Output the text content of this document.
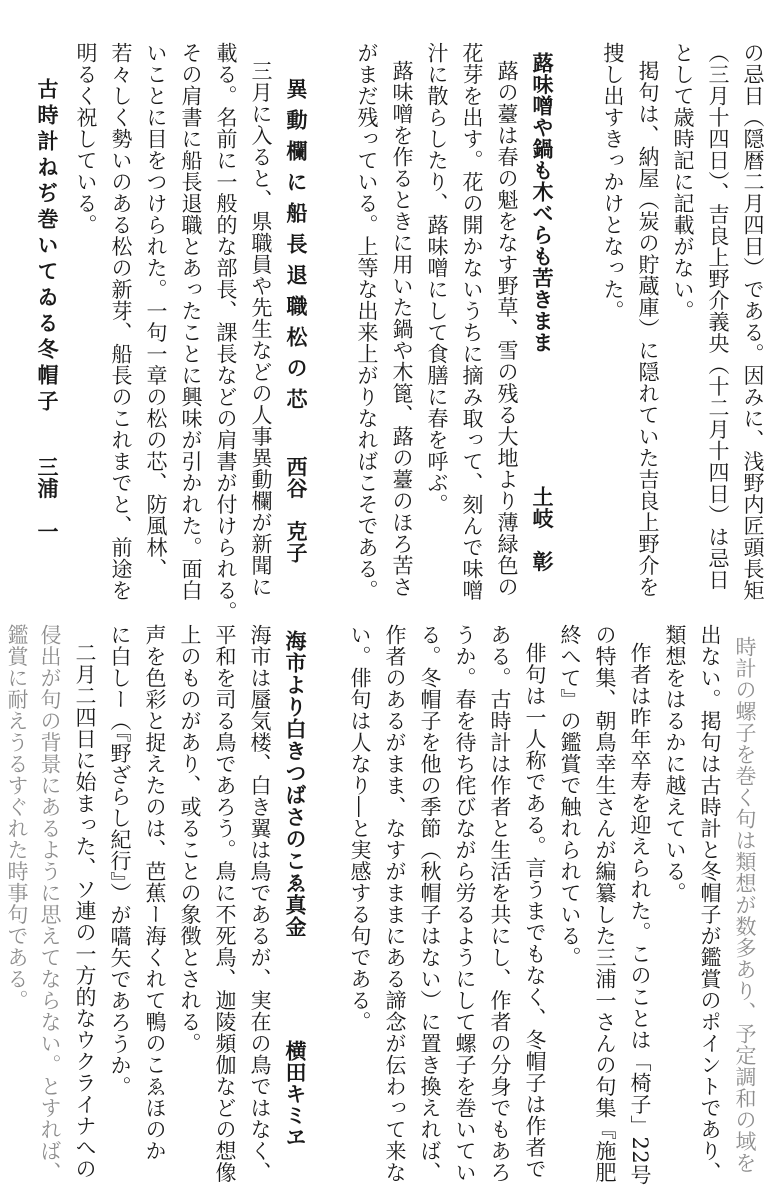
の忌日（隠暦二月四日）である。因みに、浅野内匠頭長矩
（三月十四日）、吉良上野介義央（十二月十四日）は忌日
として歳時記に記載がない。
掲句は、納屋（炭の貯蔵庫）に隠れていた吉良上野介を
捜し出すきっかけとなった。
蕗味噌や鍋も木べらも苦きまま
土岐　彰
蕗の薹は春の魁をなす野草、雪の残る大地より薄緑色の
花芽を出す。花の開かないうちに摘み取って、刻んで味噌
汁に散らしたり、蕗味噌にして食膳に春を呼ぶ。
蕗味噌を作るときに用いた鍋や木篦、蕗の薹のほろ苦さ
がまだ残っている。上等な出来上がりなればこそである。
異動欄に船長退職松の芯
西谷　克子
三月に入ると、県職員や先生などの人事異動欄が新聞に
載る。名前に一般的な部長、課長などの肩書が付けられる。
その肩書に船長退職とあったことに興味が引かれた。面白
いことに目をつけられた。一句一章の松の芯、防風林、
若々しく勢いのある松の新芽、船長のこれまでと、前途を
明るく祝している。
古時計ねぢ巻いてゐる冬帽子
三浦　一
時計の螺子を巻く句は類想が数多あり、予定調和の域を
出ない。掲句は古時計と冬帽子が鑑賞のポイントであり、
類想をはるかに越えている。
作者は昨年卒寿を迎えられた。このことは「椅子」22号
の特集、朝鳥幸生さんが編纂した三浦一さんの句集『施肥
終へて』の鑑賞で触れられている。
俳句は一人称である。言うまでもなく、冬帽子は作者で
ある。古時計は作者と生活を共にし、作者の分身でもあろ
うか。春を待ち侘びながら労るようにして螺子を巻いてい
る。冬帽子を他の季節（秋帽子はない）に置き換えれば、
作者のあるがまま、なすがままにある諦念が伝わって来な
い。俳句は人なり―と実感する句である。
海市より白きつばさのこゑ真金
横田キミヱ
海市は蜃気楼、白き翼は鳥であるが、実在の鳥ではなく、
平和を司る鳥であろう。鳥に不死鳥、迦陵頻伽などの想像
上のものがあり、或ることの象徴とされる。
声を色彩と捉えたのは、芭蕉ー海くれて鴨のこゑほのか
に白しー（『野ざらし紀行』）が嚆矢であろうか。
二月二四日に始まった、ソ連の一方的なウクライナへの
侵出が句の背景にあるように思えてならない。とすれば、
鑑賞に耐えうるすぐれた時事句である。
